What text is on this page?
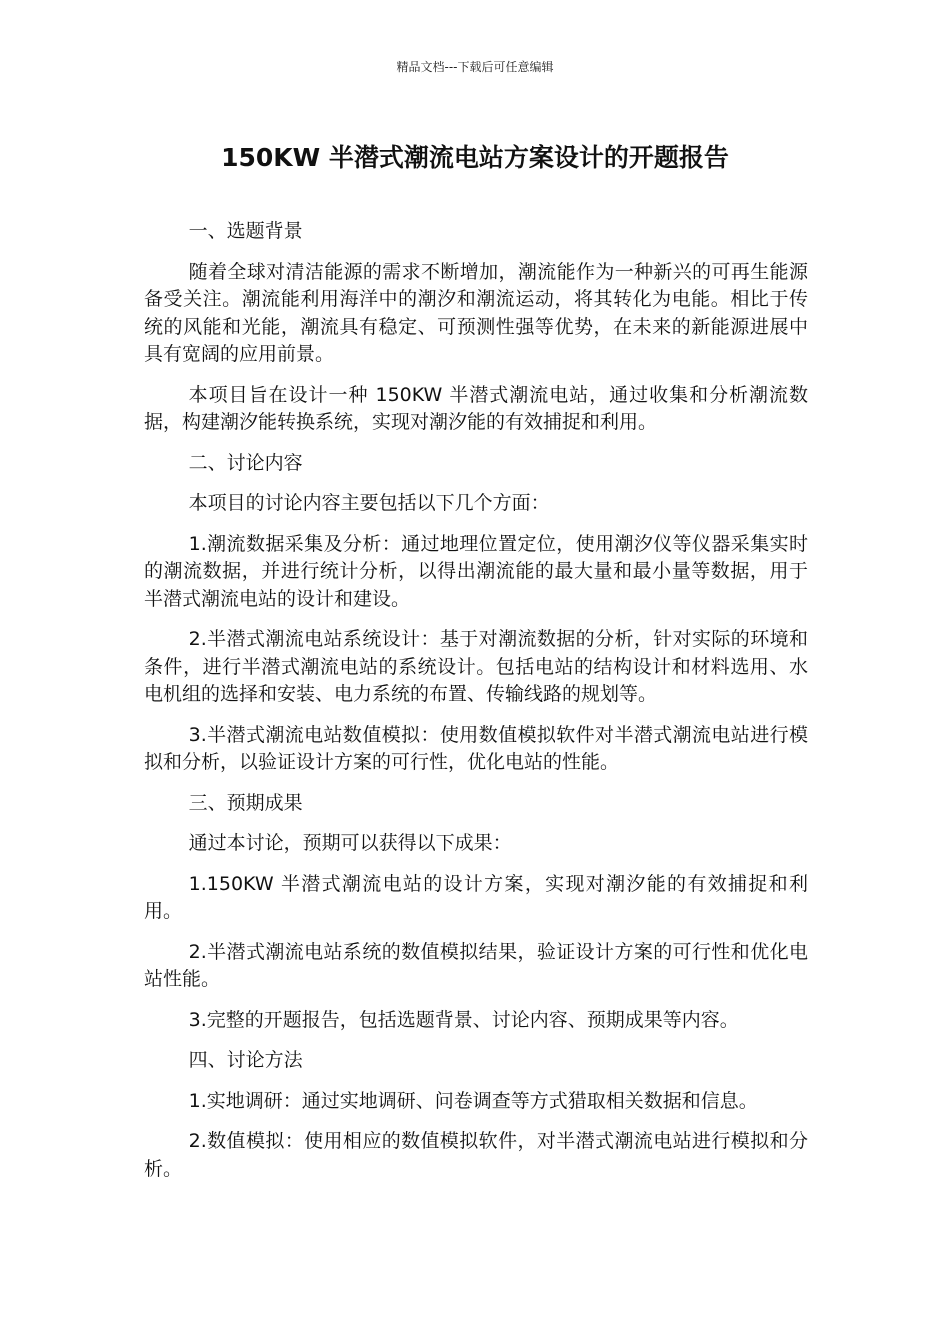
精品文档---下载后可任意编辑
150KW 半潜式潮流电站方案设计的开题报告
一、选题背景
随着全球对清洁能源的需求不断增加，潮流能作为一种新兴的可再生能源备受关注。潮流能利用海洋中的潮汐和潮流运动，将其转化为电能。相比于传统的风能和光能，潮流具有稳定、可预测性强等优势，在未来的新能源进展中具有宽阔的应用前景。
本项目旨在设计一种 150KW 半潜式潮流电站，通过收集和分析潮流数据，构建潮汐能转换系统，实现对潮汐能的有效捕捉和利用。
二、讨论内容
本项目的讨论内容主要包括以下几个方面：
1.潮流数据采集及分析：通过地理位置定位，使用潮汐仪等仪器采集实时的潮流数据，并进行统计分析，以得出潮流能的最大量和最小量等数据，用于半潜式潮流电站的设计和建设。
2.半潜式潮流电站系统设计：基于对潮流数据的分析，针对实际的环境和条件，进行半潜式潮流电站的系统设计。包括电站的结构设计和材料选用、水电机组的选择和安装、电力系统的布置、传输线路的规划等。
3.半潜式潮流电站数值模拟：使用数值模拟软件对半潜式潮流电站进行模拟和分析，以验证设计方案的可行性，优化电站的性能。
三、预期成果
通过本讨论，预期可以获得以下成果：
1.150KW 半潜式潮流电站的设计方案，实现对潮汐能的有效捕捉和利用。
2.半潜式潮流电站系统的数值模拟结果，验证设计方案的可行性和优化电站性能。
3.完整的开题报告，包括选题背景、讨论内容、预期成果等内容。
四、讨论方法
1.实地调研：通过实地调研、问卷调查等方式猎取相关数据和信息。
2.数值模拟：使用相应的数值模拟软件，对半潜式潮流电站进行模拟和分析。
